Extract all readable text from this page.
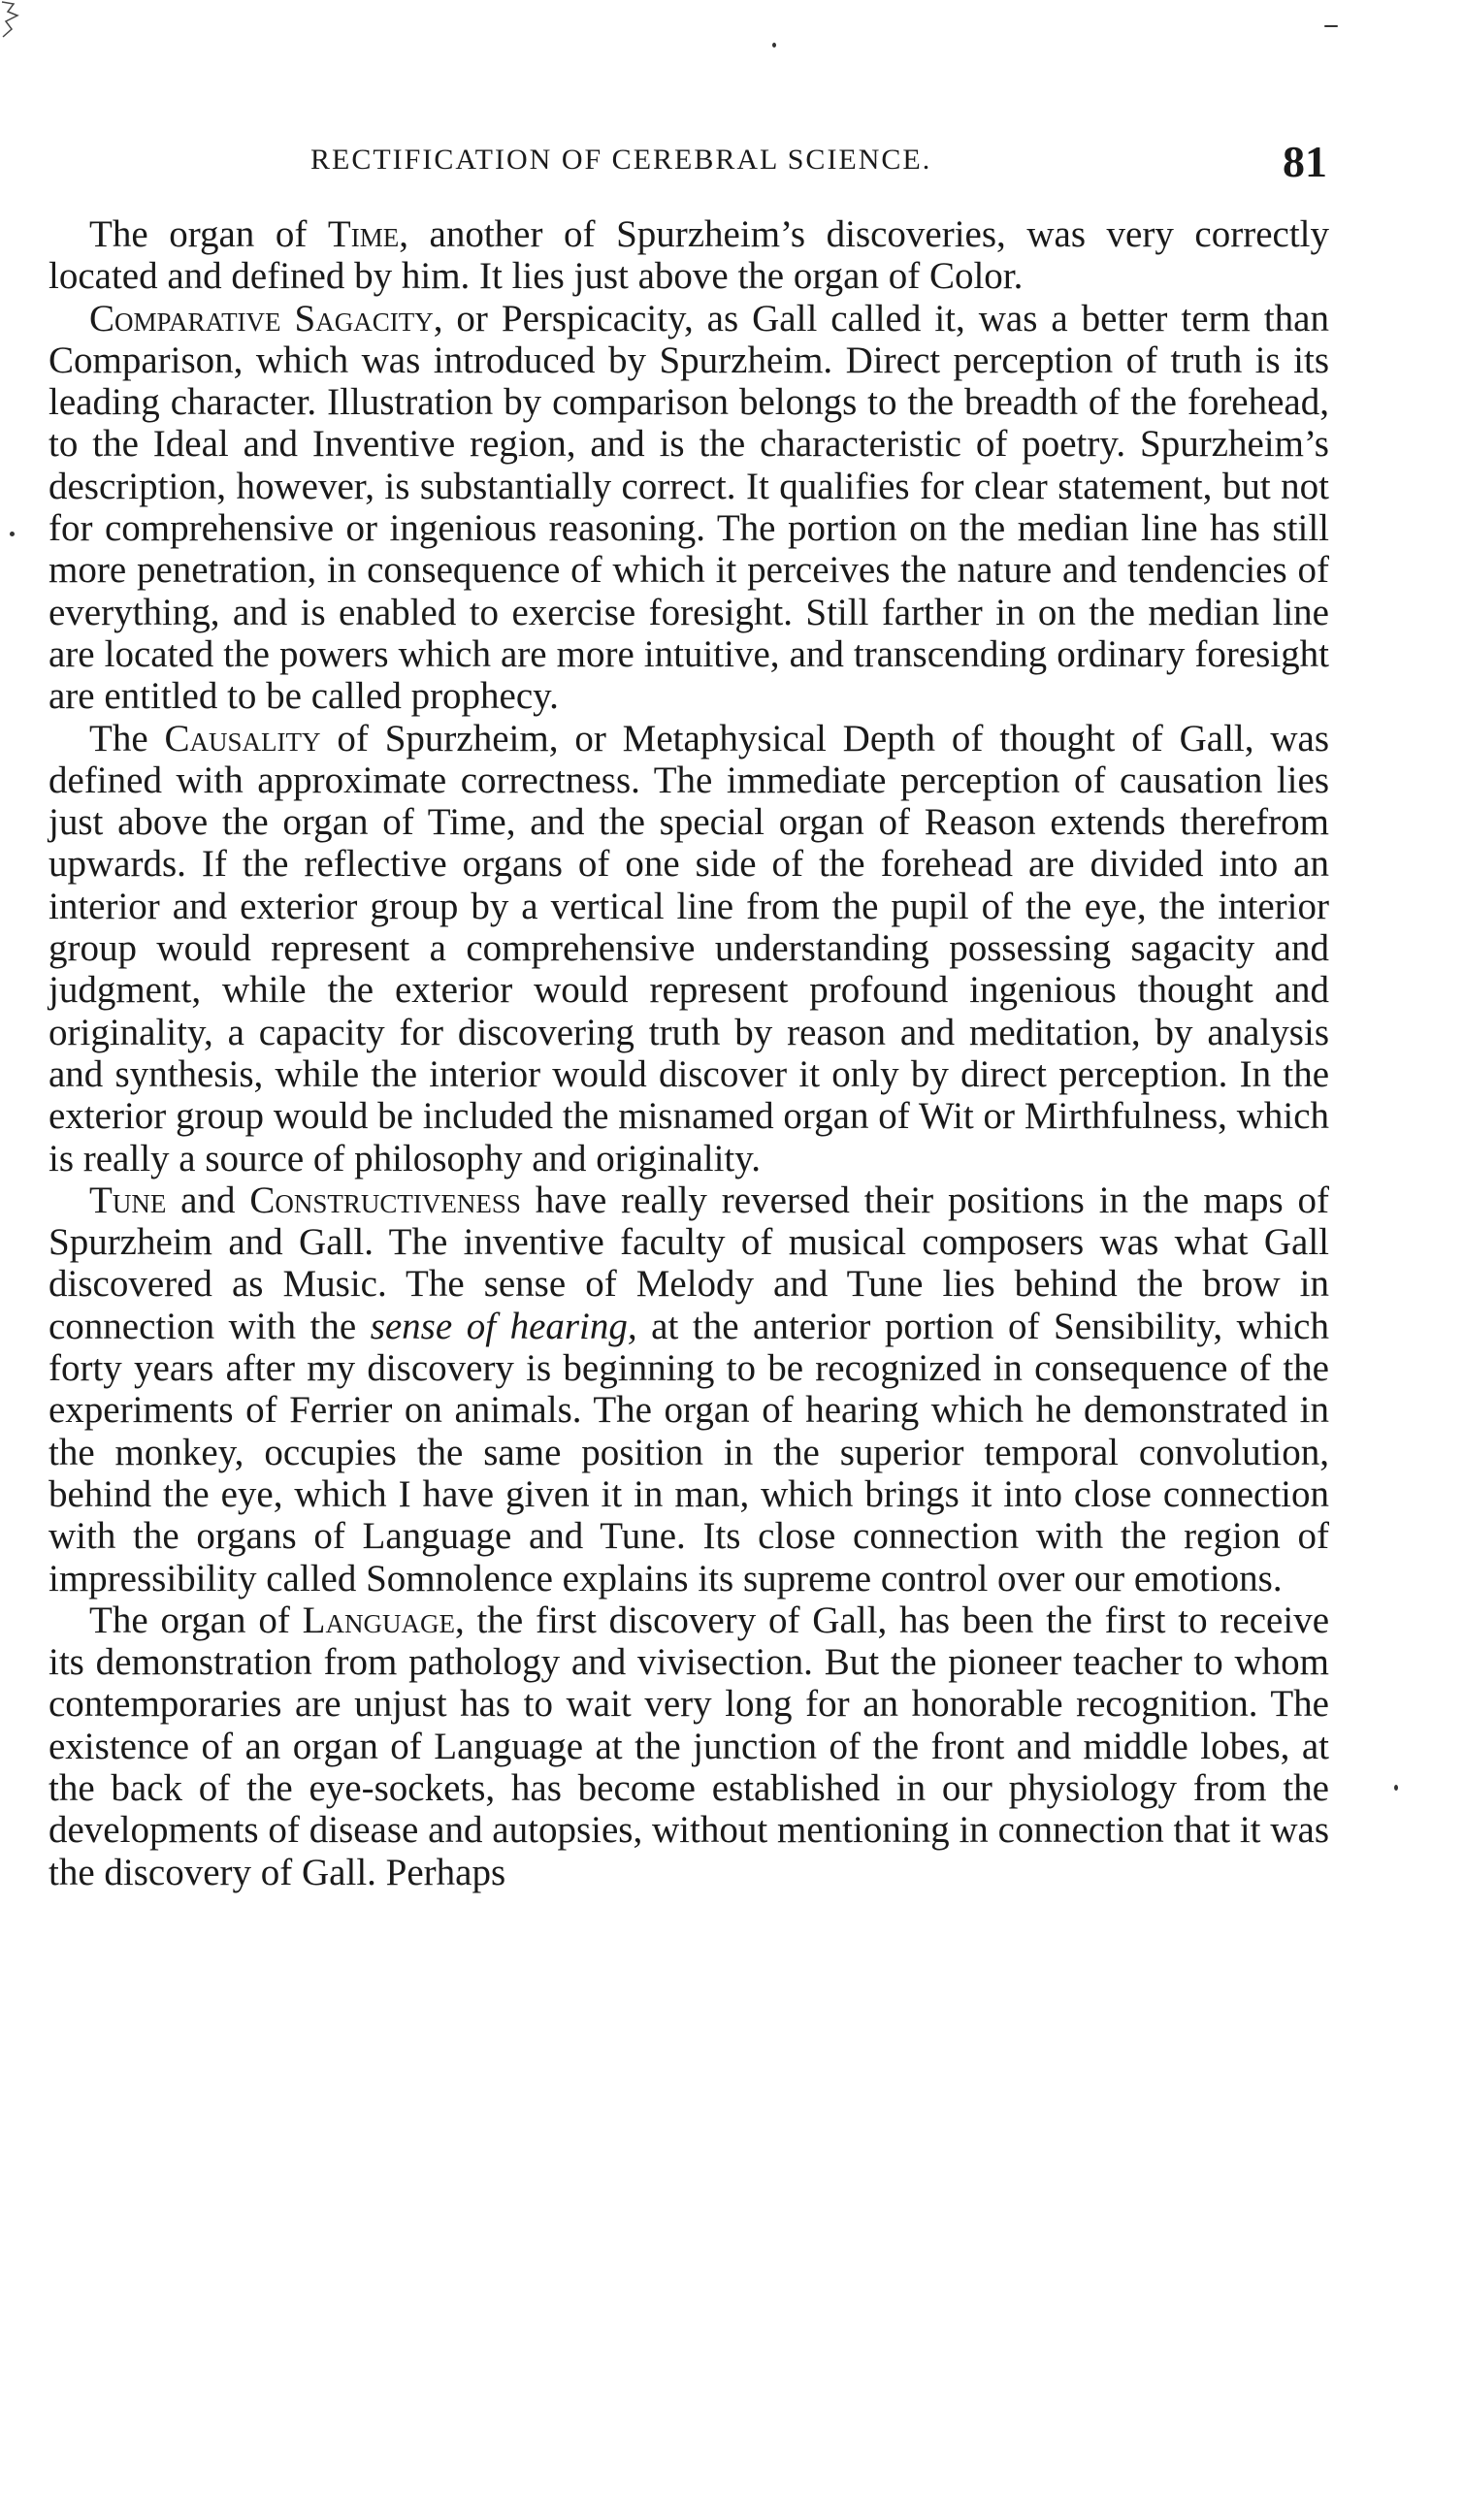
RECTIFICATION OF CEREBRAL SCIENCE.	81

The organ of Time, another of Spurzheim’s discoveries, was very correctly located and defined by him. It lies just above the organ of Color.

Comparative Sagacity, or Perspicacity, as Gall called it, was a better term than Comparison, which was introduced by Spurzheim. Direct perception of truth is its leading character. Illustration by comparison belongs to the breadth of the forehead, to the Ideal and Inventive region, and is the characteristic of poetry. Spurzheim’s description, however, is substantially correct. It qualifies for clear statement, but not for comprehensive or ingenious reasoning. The portion on the median line has still more penetration, in consequence of which it perceives the nature and tendencies of everything, and is enabled to exercise foresight. Still farther in on the median line are located the powers which are more intuitive, and transcending ordinary foresight are entitled to be called prophecy.

The Causality of Spurzheim, or Metaphysical Depth of thought of Gall, was defined with approximate correctness. The immediate perception of causation lies just above the organ of Time, and the special organ of Reason extends therefrom upwards. If the reflective organs of one side of the forehead are divided into an interior and exterior group by a vertical line from the pupil of the eye, the interior group would represent a comprehensive understanding possessing sagacity and judgment, while the exterior would represent profound ingenious thought and originality, a capacity for discovering truth by reason and meditation, by analysis and synthesis, while the interior would discover it only by direct perception. In the exterior group would be included the misnamed organ of Wit or Mirthfulness, which is really a source of philosophy and originality.

Tune and Constructiveness have really reversed their positions in the maps of Spurzheim and Gall. The inventive faculty of musical composers was what Gall discovered as Music. The sense of Melody and Tune lies behind the brow in connection with the sense of hearing, at the anterior portion of Sensibility, which forty years after my discovery is beginning to be recognized in consequence of the experiments of Ferrier on animals. The organ of hearing which he demonstrated in the monkey, occupies the same position in the superior temporal convolution, behind the eye, which I have given it in man, which brings it into close connection with the organs of Language and Tune. Its close connection with the region of impressibility called Somnolence explains its supreme control over our emotions.

The organ of Language, the first discovery of Gall, has been the first to receive its demonstration from pathology and vivisection. But the pioneer teacher to whom contemporaries are unjust has to wait very long for an honorable recognition. The existence of an organ of Language at the junction of the front and middle lobes, at the back of the eye-sockets, has become established in our physiology from the developments of disease and autopsies, without mentioning in connection that it was the discovery of Gall. Perhaps
